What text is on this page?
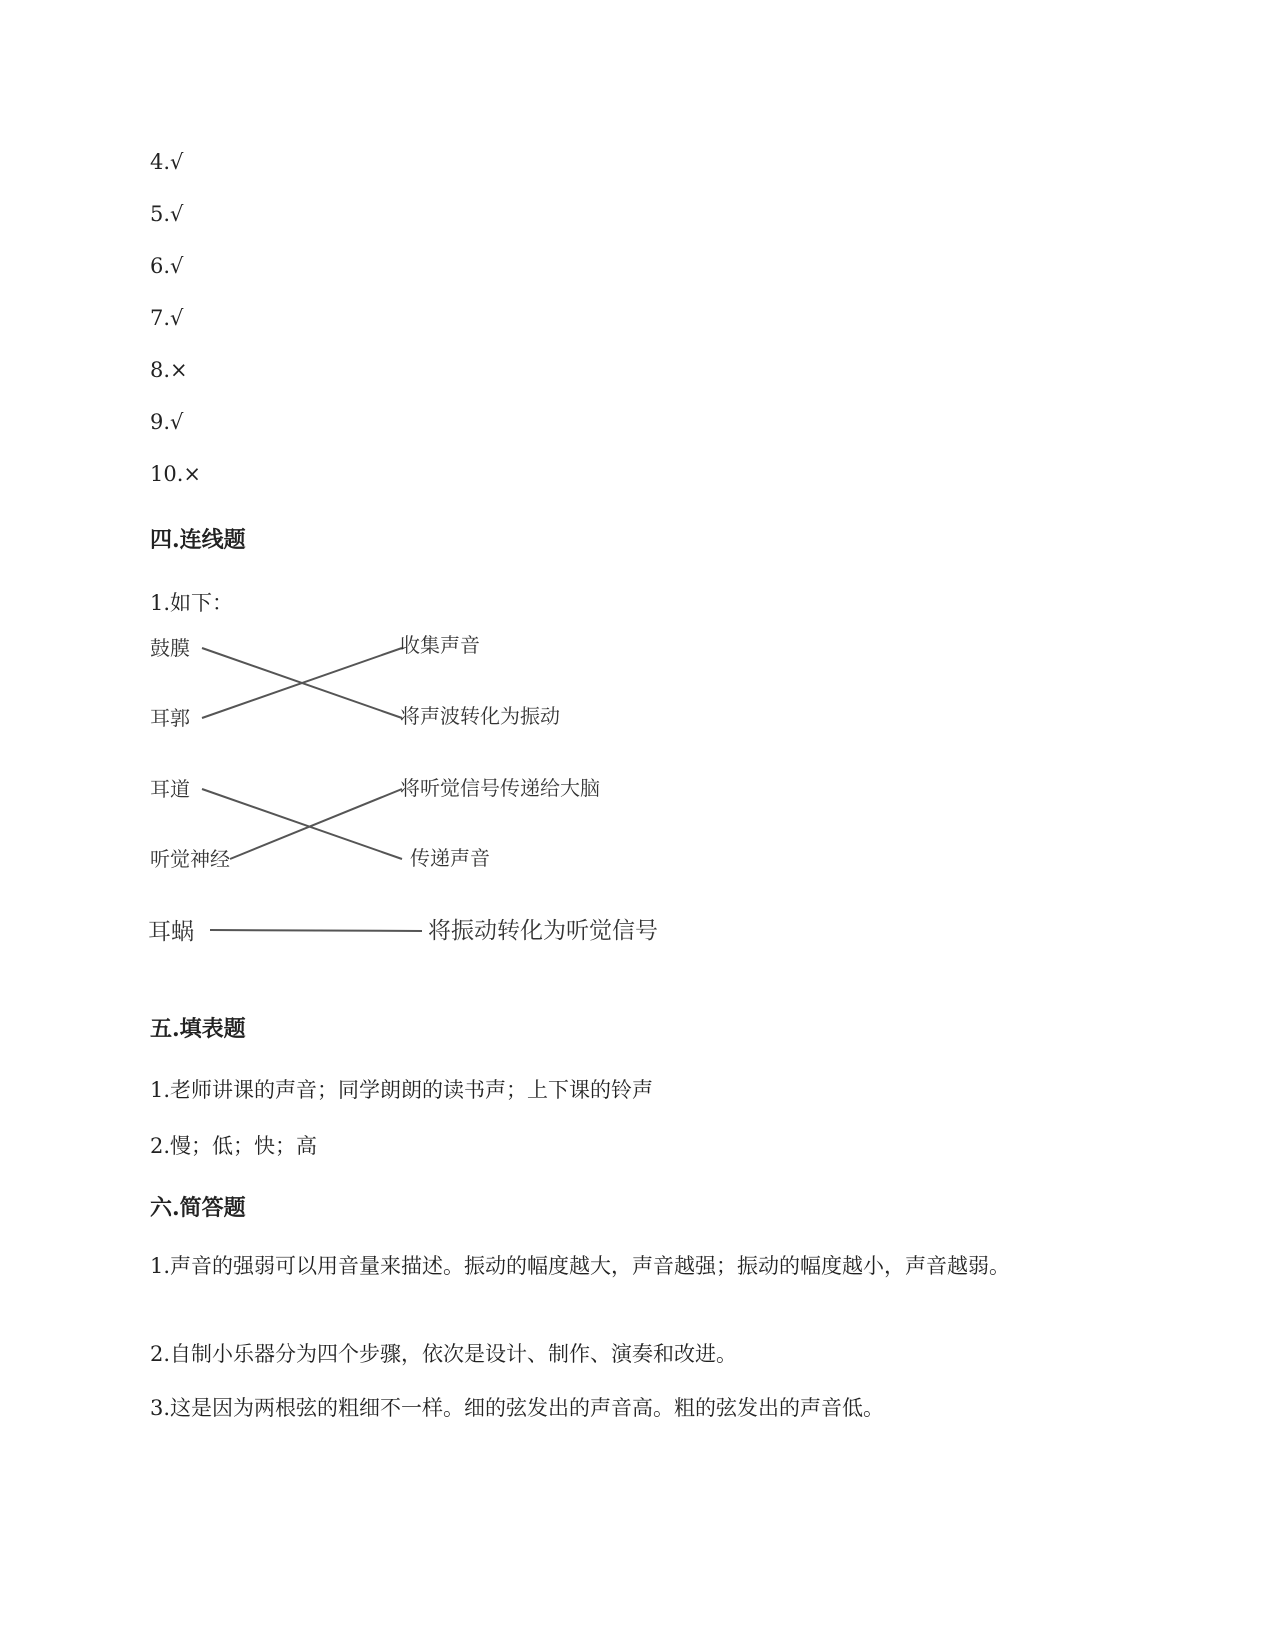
4.√
5.√
6.√
7.√
8.×
9.√
10.×
四.连线题
1.如下：
鼓膜
耳郭
耳道
听觉神经
耳蜗
收集声音
将声波转化为振动
将听觉信号传递给大脑
传递声音
将振动转化为听觉信号
五.填表题
1.老师讲课的声音；同学朗朗的读书声；上下课的铃声
2.慢；低；快；高
六.简答题
1.声音的强弱可以用音量来描述。振动的幅度越大，声音越强；振动的幅度越小，声音越弱。
2.自制小乐器分为四个步骤，依次是设计、制作、演奏和改进。
3.这是因为两根弦的粗细不一样。细的弦发出的声音高。粗的弦发出的声音低。
